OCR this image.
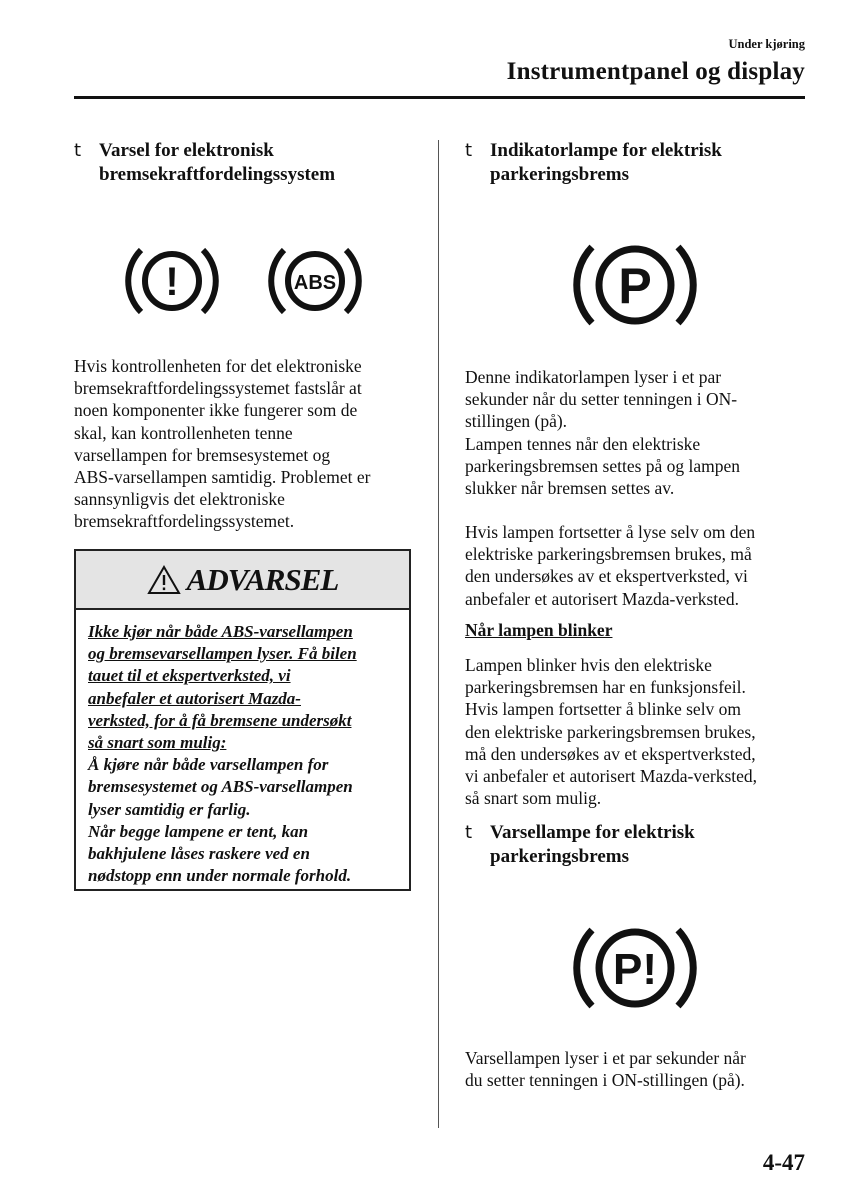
Under kjøring
Instrumentpanel og display
t Varsel for elektronisk
bremsekraftfordelingssystem
!	ABS

Hvis kontrollenheten for det elektroniske

bremsekraftfordelingssystemet fastslår at

noen komponenter ikke fungerer som de

skal, kan kontrollenheten tenne

varsellampen for bremsesystemet og

ABS-varsellampen samtidig. Problemet er

sannsynligvis det elektroniske

bremsekraftfordelingssystemet.

ADVARSEL
Ikke kjør når både ABS-varsellampen
og bremsevarsellampen lyser. Få bilen
tauet til et ekspertverksted, vi
anbefaler et autorisert Mazda-
verksted, for å få bremsene undersøkt
så snart som mulig:
Å kjøre når både varsellampen for
bremsesystemet og ABS-varsellampen
lyser samtidig er farlig.
Når begge lampene er tent, kan
bakhjulene låses raskere ved en
nødstopp enn under normale forhold.
t Indikatorlampe for elektrisk
parkeringsbrems
P

Denne indikatorlampen lyser i et par

sekunder når du setter tenningen i ON-

stillingen (på).

Lampen tennes når den elektriske

parkeringsbremsen settes på og lampen

slukker når bremsen settes av.

Hvis lampen fortsetter å lyse selv om den

elektriske parkeringsbremsen brukes, må

den undersøkes av et ekspertverksted, vi

anbefaler et autorisert Mazda-verksted.

Når lampen blinker

Lampen blinker hvis den elektriske

parkeringsbremsen har en funksjonsfeil.

Hvis lampen fortsetter å blinke selv om

den elektriske parkeringsbremsen brukes,

må den undersøkes av et ekspertverksted,

vi anbefaler et autorisert Mazda-verksted,

så snart som mulig.

t Varsellampe for elektrisk
parkeringsbrems
P!

Varsellampen lyser i et par sekunder når

du setter tenningen i ON-stillingen (på).

4-47
